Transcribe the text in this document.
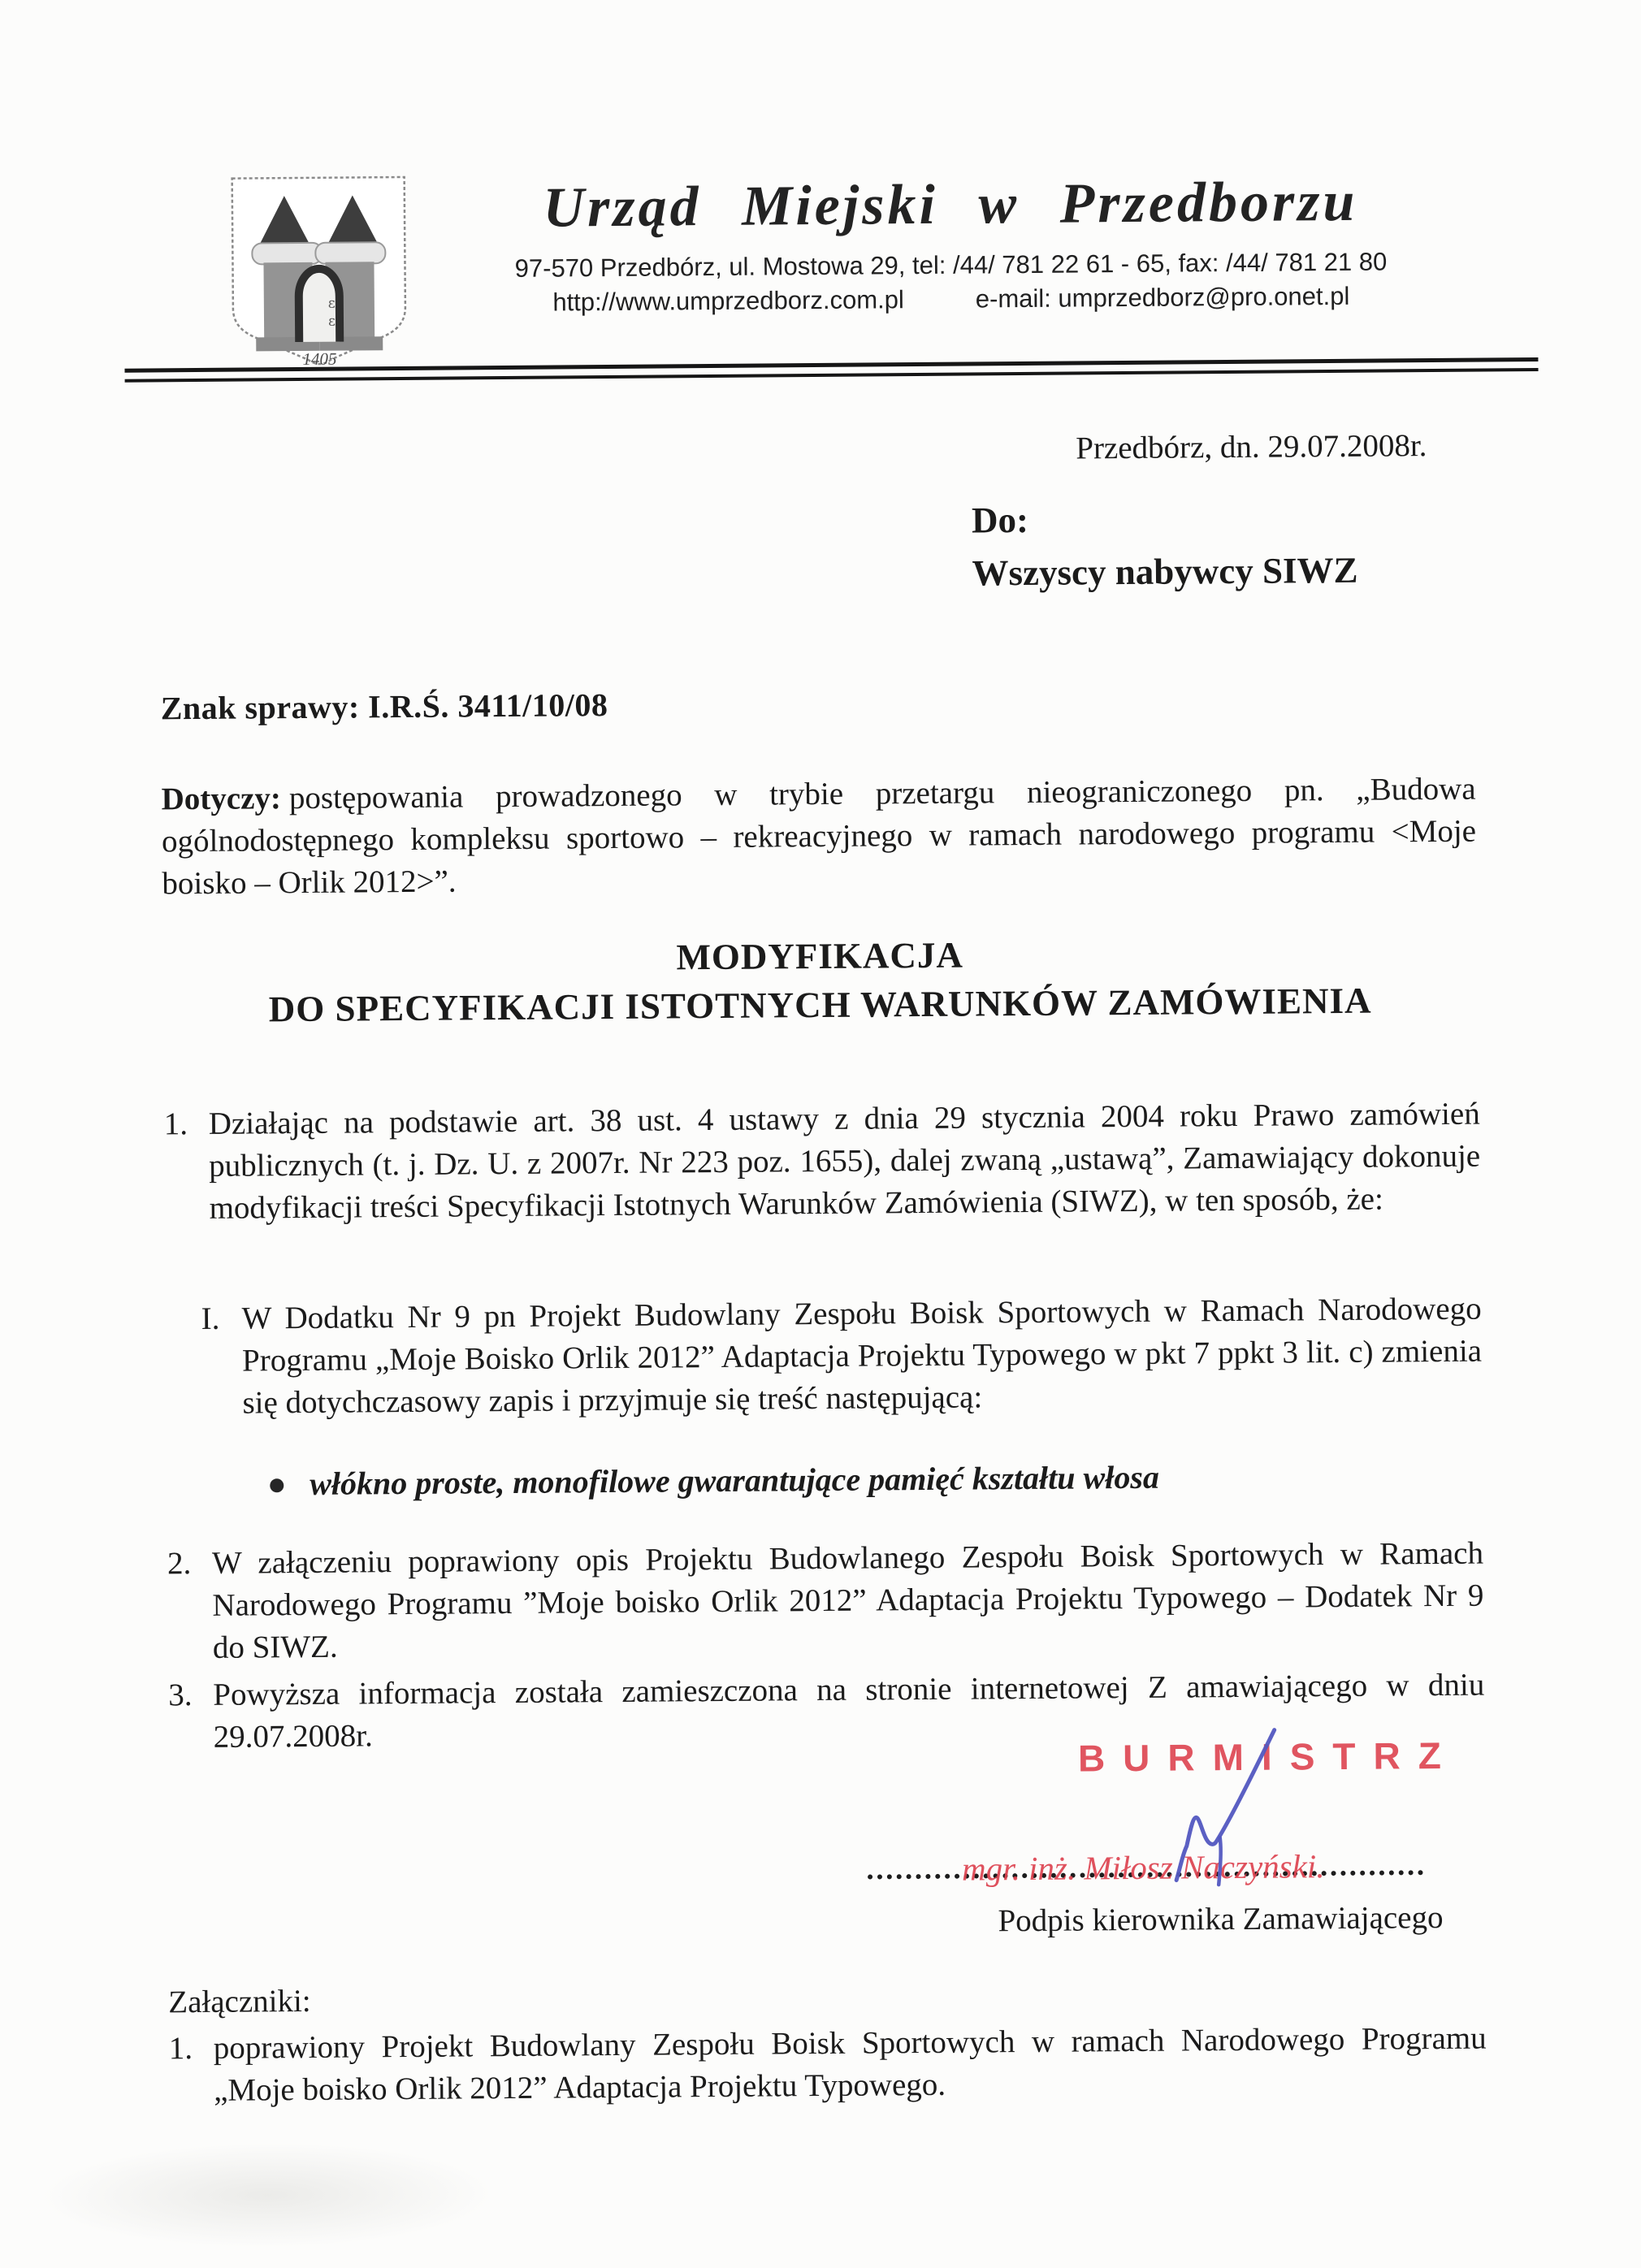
ε
ε
1405
Urząd Miejski w Przedborzu
97-570 Przedbórz, ul. Mostowa 29, tel: /44/ 781 22 61 - 65, fax: /44/ 781 21 80
http://www.umprzedborz.com.pl	e-mail: umprzedborz@pro.onet.pl
Przedbórz, dn. 29.07.2008r.
Do:
Wszyscy nabywcy SIWZ
Znak sprawy: I.R.Ś. 3411/10/08
Dotyczy: postępowania prowadzonego w trybie przetargu nieograniczonego pn. „Budowa ogólnodostępnego kompleksu sportowo – rekreacyjnego w ramach narodowego programu <Moje boisko – Orlik 2012>”.
MODYFIKACJA
DO SPECYFIKACJI ISTOTNYCH WARUNKÓW ZAMÓWIENIA
1. Działając na podstawie art. 38 ust. 4 ustawy z dnia 29 stycznia 2004 roku Prawo zamówień publicznych (t. j. Dz. U. z 2007r. Nr 223 poz. 1655), dalej zwaną „ustawą”, Zamawiający dokonuje modyfikacji treści Specyfikacji Istotnych Warunków Zamówienia (SIWZ), w ten sposób, że:
I. W Dodatku Nr 9 pn Projekt Budowlany Zespołu Boisk Sportowych w Ramach Narodowego Programu „Moje Boisko Orlik 2012” Adaptacja Projektu Typowego w pkt 7 ppkt 3 lit. c) zmienia się dotychczasowy zapis i przyjmuje się treść następującą:
włókno proste, monofilowe gwarantujące pamięć kształtu włosa
2. W załączeniu poprawiony opis Projektu Budowlanego Zespołu Boisk Sportowych w Ramach Narodowego Programu ”Moje boisko Orlik 2012” Adaptacja Projektu Typowego – Dodatek Nr 9 do SIWZ.
3. Powyższa informacja została zamieszczona na stronie internetowej Z amawiającego w dniu 29.07.2008r.	BURMISTRZ
mgr. inż. Miłosz Naczyński.
Podpis kierownika Zamawiającego
Załączniki:
1. poprawiony Projekt Budowlany Zespołu Boisk Sportowych w ramach Narodowego Programu „Moje boisko Orlik 2012” Adaptacja Projektu Typowego.
